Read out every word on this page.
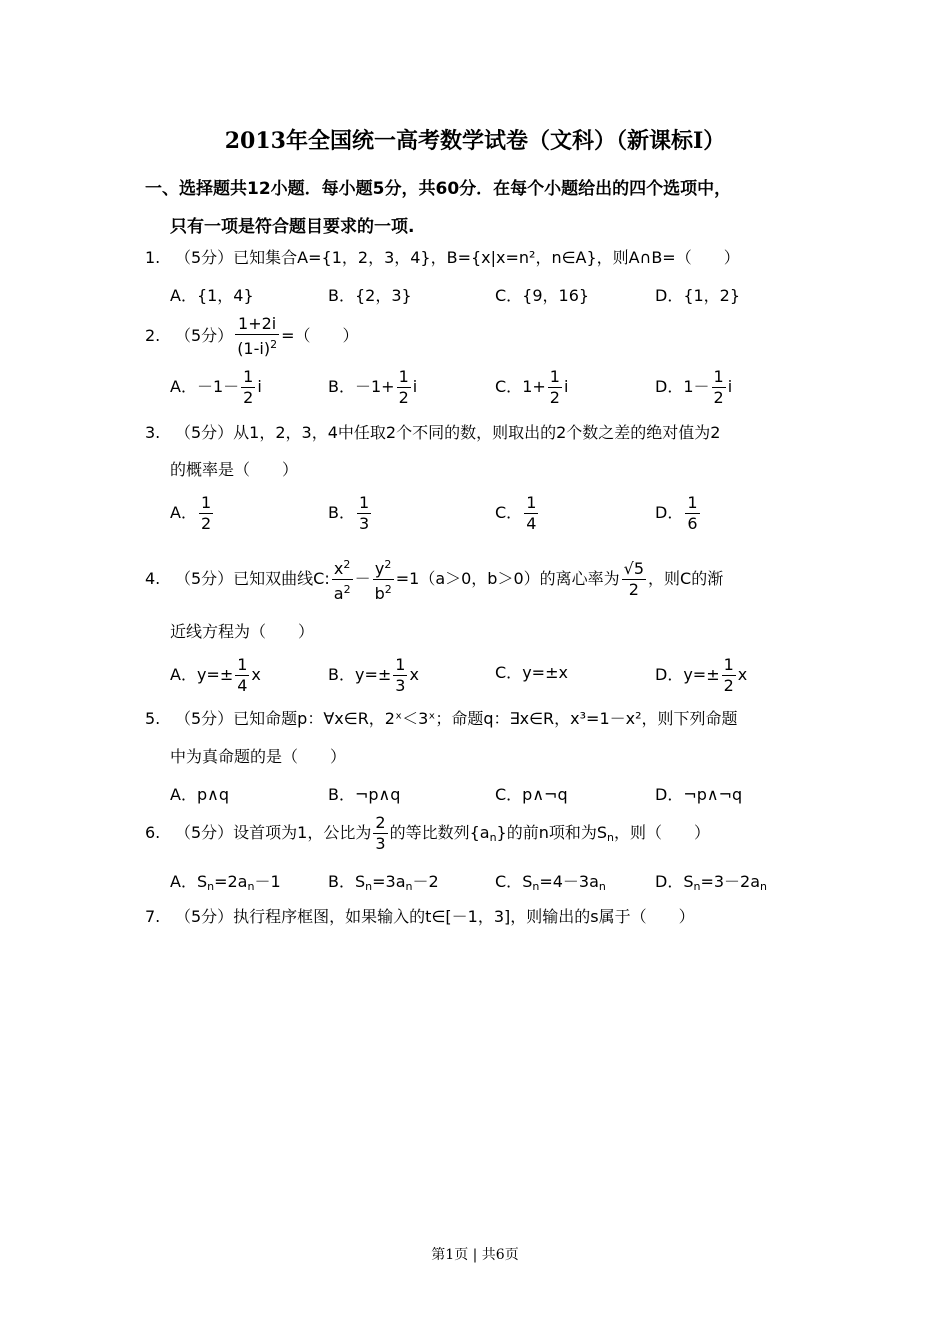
2013年全国统一高考数学试卷（文科）（新课标Ⅰ）
一、选择题共12小题．每小题5分，共60分．在每个小题给出的四个选项中，
只有一项是符合题目要求的一项.
1. （5分）已知集合A={1，2，3，4}，B={x|x=n²，n∈A}，则A∩B=（　　）
A．{1，4}	B．{2，3}	C．{9，16}	D．{1，2}
2. （5分） $\frac{1+2i}{(1-i)^2}$ =（　　）
A．$-1- \frac{1}{2}$ i	B．$-1+ \frac{1}{2}$ i	C．$1+ \frac{1}{2}$ i	D．$1- \frac{1}{2}$ i
3. （5分）从1，2，3，4中任取2个不同的数，则取出的2个数之差的绝对值为2
的概率是（　　）
A． $\frac{1}{2}$	B． $\frac{1}{3}$	C． $\frac{1}{4}$	D． $\frac{1}{6}$
4. （5分）已知双曲线C: $\frac{x^2}{a^2} - \frac{y^2}{b^2} =1(a>0$，b＞0）的离心率为 $\frac{√5}{2}$ ，则C的渐
近线方程为（　　）
A．$y=\pm \frac{1}{4}$ x	B．$y=\pm \frac{1}{3}$ x	C．y=±x	D．$y=\pm \frac{1}{2}$ x
5. （5分）已知命题p：∀x∈R，2ˣ＜3ˣ；命题q：∃x∈R，x³=1－x²，则下列命题
中为真命题的是（　　）
A．p∧q	B．¬p∧q	C．p∧¬q	D．¬p∧¬q
6. （5分）设首项为1，公比为 $\frac{2}{3}$ 的等比数列$\{a_n\}$的前n项和为$S_n$，则（　　）
A．$S_n=2a_n-1$	B．$S_n=3a_n-2$	C．$S_n=4-3a_n$	D．$S_n=3-2a_n$
7. （5分）执行程序框图，如果输入的t∈[－1，3]，则输出的s属于（　　）
第1页 | 共6页
